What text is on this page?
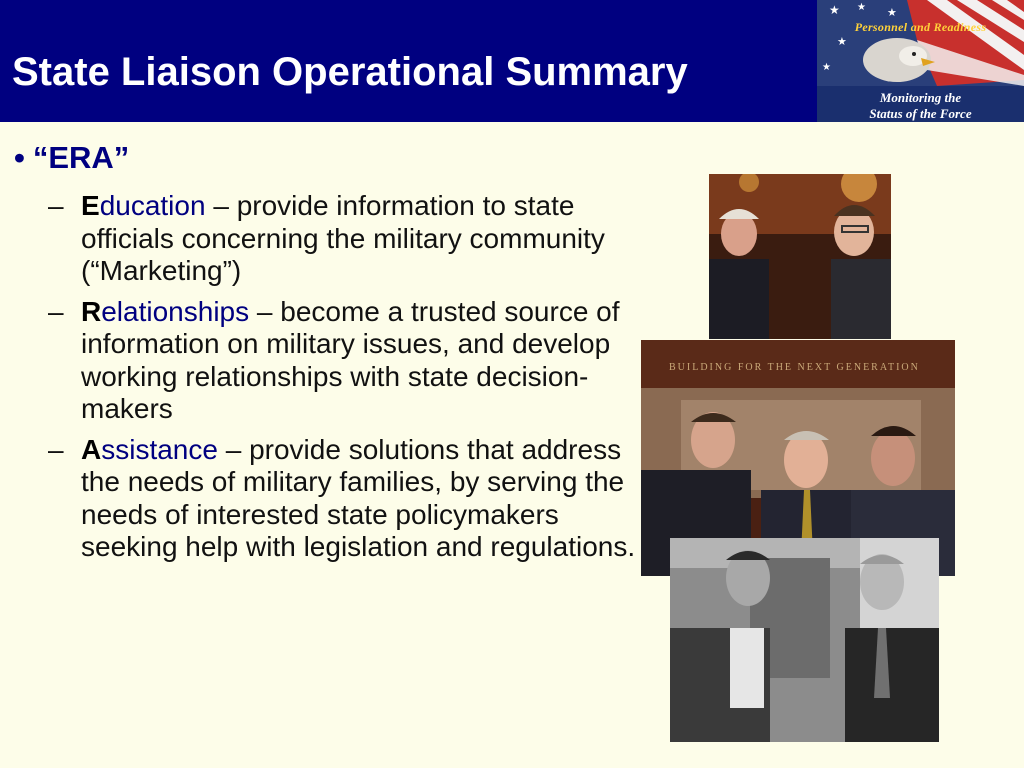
State Liaison Operational Summary
★ ★ ★
★
★
Personnel and Readiness
Monitoring the
Status of the Force
• “ERA”
– Education – provide information to state officials concerning the military community (“Marketing”)
– Relationships – become a trusted source of information on military issues, and develop working relationships with state decision-makers
– Assistance – provide solutions that address the needs of military families, by serving the needs of interested state policymakers seeking help with legislation and regulations.
BUILDING FOR THE NEXT GENERATION
